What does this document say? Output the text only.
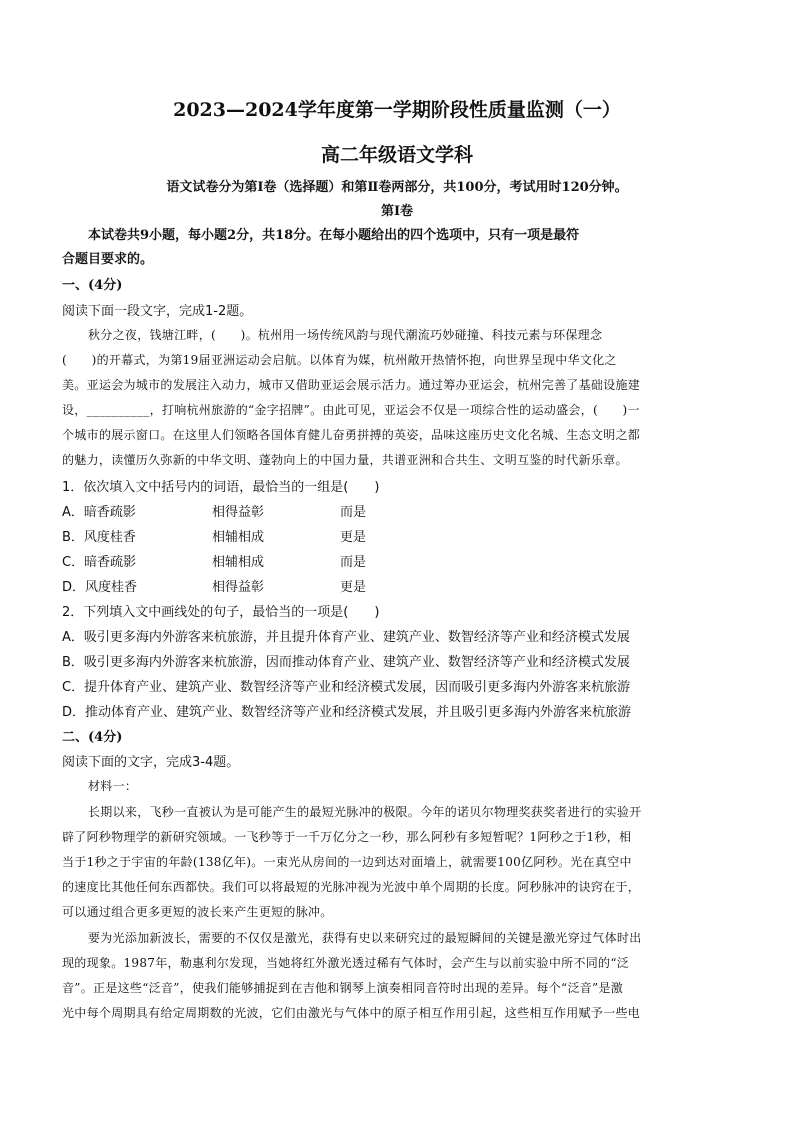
2023—2024学年度第一学期阶段性质量监测（一）
高二年级语文学科
语文试卷分为第Ⅰ卷（选择题）和第Ⅱ卷两部分，共100分，考试用时120分钟。
第Ⅰ卷
本试卷共9小题，每小题2分，共18分。在每小题给出的四个选项中，只有一项是最符
合题目要求的。
一、(4分)
阅读下面一段文字，完成1-2题。
秋分之夜，钱塘江畔，(　　)。杭州用一场传统风韵与现代潮流巧妙碰撞、科技元素与环保理念
(　　)的开幕式，为第19届亚洲运动会启航。以体育为媒，杭州敞开热情怀抱，向世界呈现中华文化之
美。亚运会为城市的发展注入动力，城市又借助亚运会展示活力。通过筹办亚运会，杭州完善了基础设施建
设，__________，打响杭州旅游的“金字招牌”。由此可见，亚运会不仅是一项综合性的运动盛会，(　　)一
个城市的展示窗口。在这里人们领略各国体育健儿奋勇拼搏的英姿，品味这座历史文化名城、生态文明之都
的魅力，读懂历久弥新的中华文明、蓬勃向上的中国力量，共谱亚洲和合共生、文明互鉴的时代新乐章。
1．依次填入文中括号内的词语，最恰当的一组是(　　)
A．暗香疏影	相得益彰	而是
B．风度桂香	相辅相成	更是
C．暗香疏影	相辅相成	而是
D．风度桂香	相得益彰	更是
2．下列填入文中画线处的句子，最恰当的一项是(　　)
A．吸引更多海内外游客来杭旅游，并且提升体育产业、建筑产业、数智经济等产业和经济模式发展
B．吸引更多海内外游客来杭旅游，因而推动体育产业、建筑产业、数智经济等产业和经济模式发展
C．提升体育产业、建筑产业、数智经济等产业和经济模式发展，因而吸引更多海内外游客来杭旅游
D．推动体育产业、建筑产业、数智经济等产业和经济模式发展，并且吸引更多海内外游客来杭旅游
二、(4分)
阅读下面的文字，完成3-4题。
材料一：
长期以来，飞秒一直被认为是可能产生的最短光脉冲的极限。今年的诺贝尔物理奖获奖者进行的实验开
辟了阿秒物理学的新研究领域。一飞秒等于一千万亿分之一秒，那么阿秒有多短暂呢？1阿秒之于1秒，相
当于1秒之于宇宙的年龄(138亿年)。一束光从房间的一边到达对面墙上，就需要100亿阿秒。光在真空中
的速度比其他任何东西都快。我们可以将最短的光脉冲视为光波中单个周期的长度。阿秒脉冲的诀窍在于，
可以通过组合更多更短的波长来产生更短的脉冲。
要为光添加新波长，需要的不仅仅是激光，获得有史以来研究过的最短瞬间的关键是激光穿过气体时出
现的现象。1987年，勒惠利尔发现，当她将红外激光透过稀有气体时，会产生与以前实验中所不同的“泛
音”。正是这些“泛音”，使我们能够捕捉到在吉他和钢琴上演奏相同音符时出现的差异。每个“泛音”是激
光中每个周期具有给定周期数的光波，它们由激光与气体中的原子相互作用引起，这些相互作用赋予一些电
